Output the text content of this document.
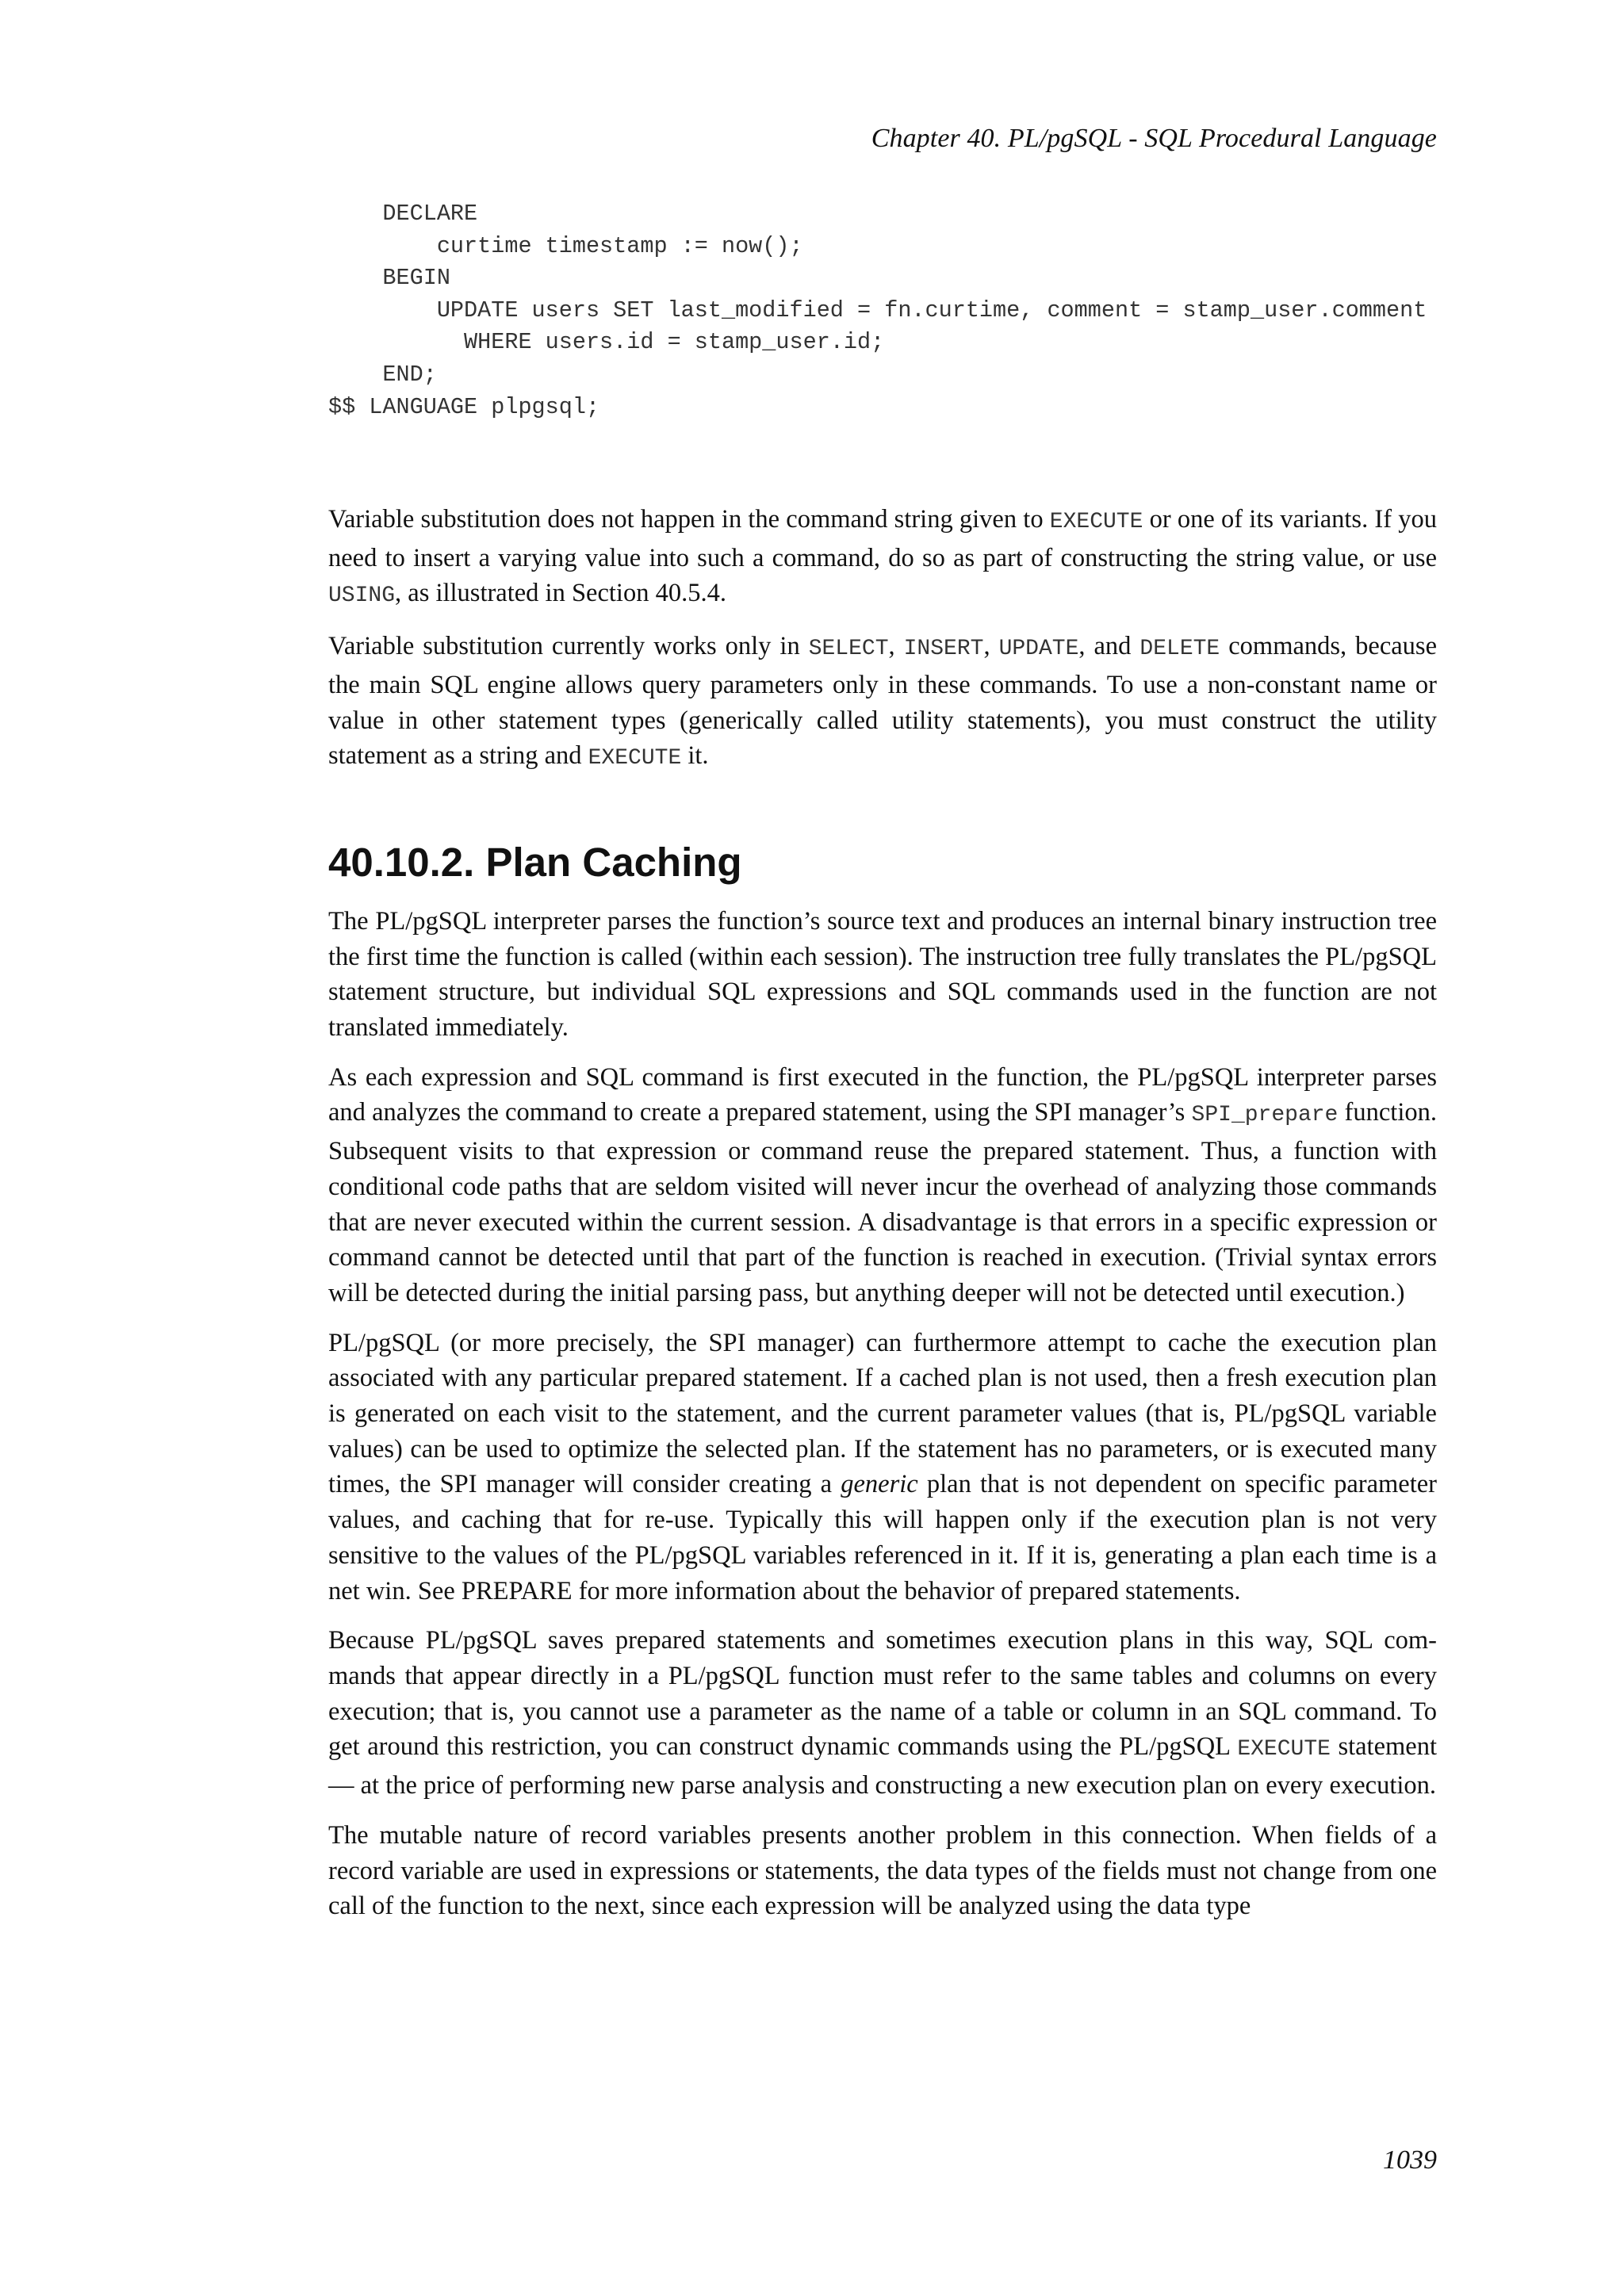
Chapter 40. PL/pgSQL - SQL Procedural Language
DECLARE
curtime timestamp := now();
BEGIN
UPDATE users SET last_modified = fn.curtime, comment = stamp_user.comment
WHERE users.id = stamp_user.id;
END;
$$ LANGUAGE plpgsql;

Variable substitution does not happen in the command string given to EXECUTE or one of its variants. If you need to insert a varying value into such a command, do so as part of constructing the string value, or use USING, as illustrated in Section 40.5.4.

Variable substitution currently works only in SELECT, INSERT, UPDATE, and DELETE commands, because the main SQL engine allows query parameters only in these commands. To use a non-constant name or value in other statement types (generically called utility statements), you must construct the utility statement as a string and EXECUTE it.

40.10.2. Plan Caching

The PL/pgSQL interpreter parses the function’s source text and produces an internal binary instruction tree the first time the function is called (within each session). The instruction tree fully translates the PL/pgSQL statement structure, but individual SQL expressions and SQL commands used in the function are not translated immediately.

As each expression and SQL command is first executed in the function, the PL/pgSQL interpreter parses and analyzes the command to create a prepared statement, using the SPI manager’s SPI_prepare function. Subsequent visits to that expression or command reuse the prepared statement. Thus, a function with conditional code paths that are seldom visited will never incur the overhead of analyzing those commands that are never executed within the current session. A disadvantage is that errors in a specific expression or command cannot be detected until that part of the function is reached in execution. (Trivial syntax errors will be detected during the initial parsing pass, but anything deeper will not be detected until execution.)

PL/pgSQL (or more precisely, the SPI manager) can furthermore attempt to cache the execution plan associated with any particular prepared statement. If a cached plan is not used, then a fresh execution plan is generated on each visit to the statement, and the current parameter values (that is, PL/pgSQL variable values) can be used to optimize the selected plan. If the statement has no parameters, or is executed many times, the SPI manager will consider creating a generic plan that is not dependent on specific parameter values, and caching that for re-use. Typically this will happen only if the execution plan is not very sensitive to the values of the PL/pgSQL variables referenced in it. If it is, generating a plan each time is a net win. See PREPARE for more information about the behavior of prepared statements.

Because PL/pgSQL saves prepared statements and sometimes execution plans in this way, SQL com-mands that appear directly in a PL/pgSQL function must refer to the same tables and columns on every execution; that is, you cannot use a parameter as the name of a table or column in an SQL command. To get around this restriction, you can construct dynamic commands using the PL/pgSQL EXECUTE statement — at the price of performing new parse analysis and constructing a new execution plan on every execution.

The mutable nature of record variables presents another problem in this connection. When fields of a record variable are used in expressions or statements, the data types of the fields must not change from one call of the function to the next, since each expression will be analyzed using the data type

1039
